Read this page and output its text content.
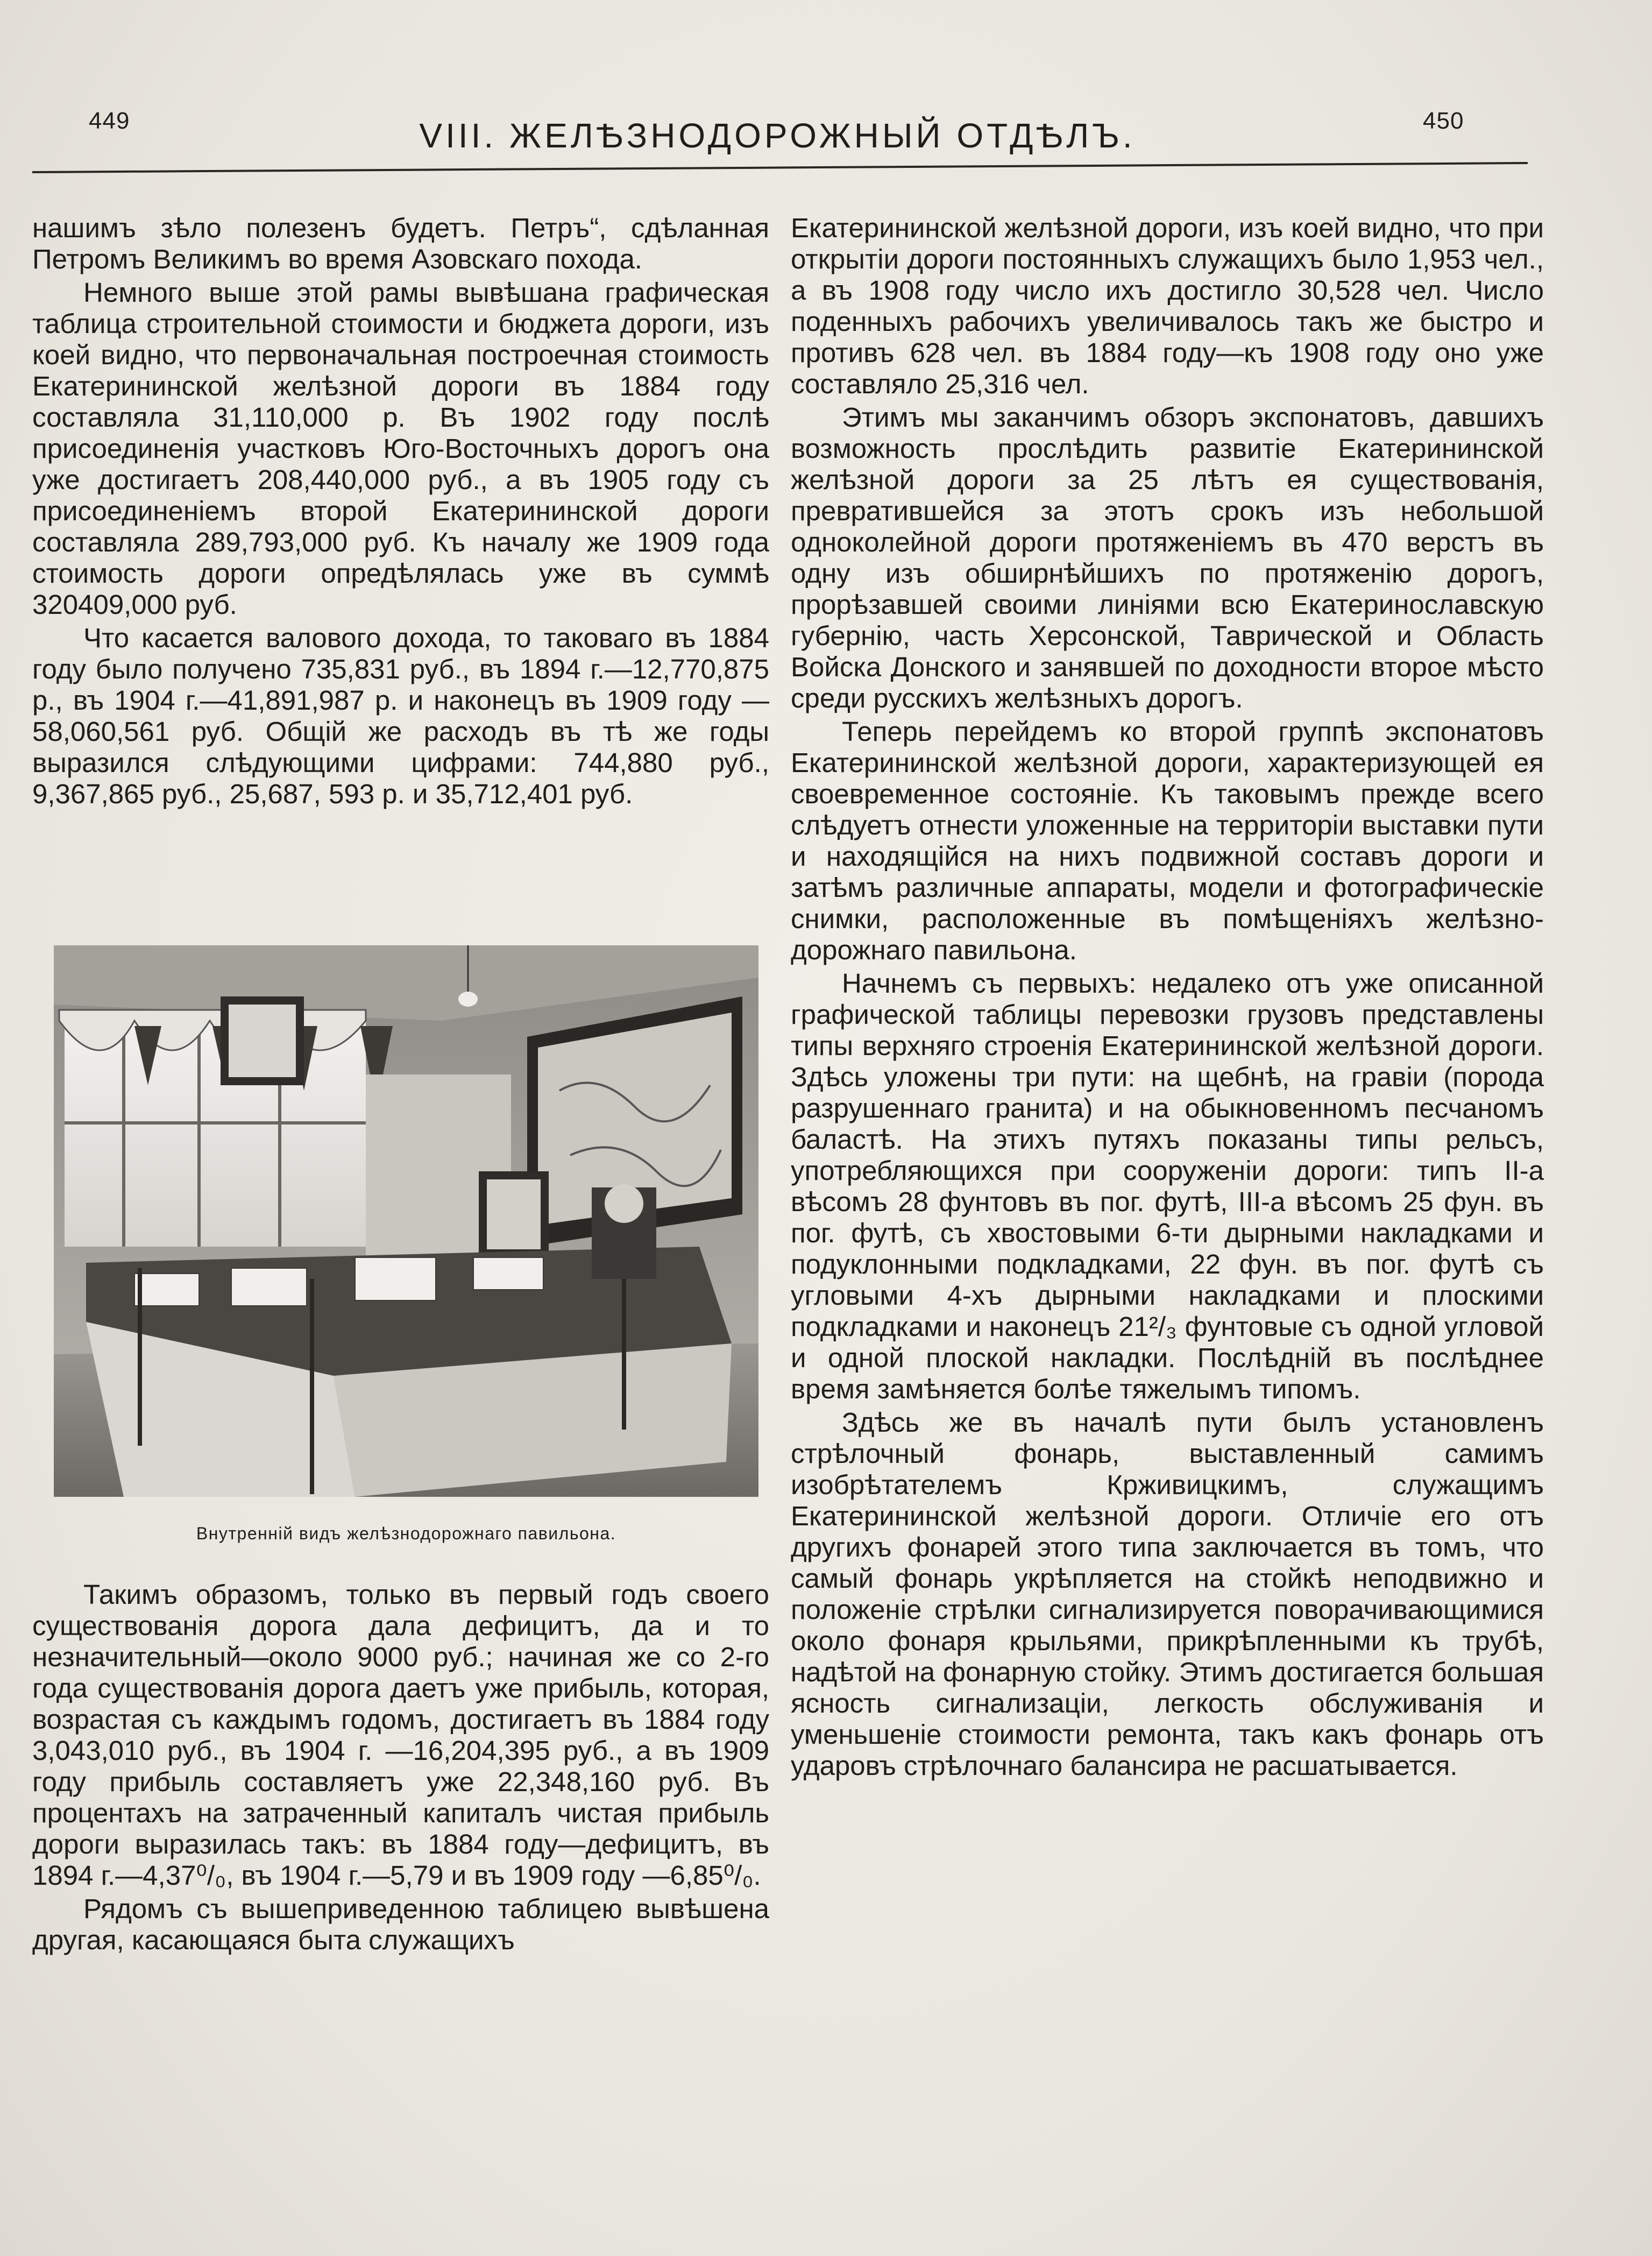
449	VIII. ЖЕЛѢЗНОДОРОЖНЫЙ ОТДѢЛЪ.	450

нашимъ зѣло полезенъ будетъ. Петръ“, сдѣланная Петромъ Великимъ во время Азовскаго похода.

Немного выше этой рамы вывѣшана графическая таблица строительной стоимости и бюджета дороги, изъ коей видно, что первоначальная построечная стоимость Екатерининской желѣзной дороги въ 1884 году составляла 31,110,000 р. Въ 1902 году послѣ присоединенія участковъ Юго-Восточныхъ дорогъ она уже достигаетъ 208,440,000 руб., а въ 1905 году съ присоединеніемъ второй Екатерининской дороги составляла 289,793,000 руб. Къ началу же 1909 года стоимость дороги опредѣлялась уже въ суммѣ 320409,000 руб.

Что касается валового дохода, то таковаго въ 1884 году было получено 735,831 руб., въ 1894 г.—12,770,875 р., въ 1904 г.—41,891,987 р. и наконецъ въ 1909 году — 58,060,561 руб. Общій же расходъ въ тѣ же годы выразился слѣдующими цифрами: 744,880 руб., 9,367,865 руб., 25,687, 593 р. и 35,712,401 руб.

Внутренній видъ желѣзнодорожнаго павильона.

Такимъ образомъ, только въ первый годъ своего существованія дорога дала дефицитъ, да и то незначительный—около 9000 руб.; начиная же со 2-го года существованія дорога даетъ уже прибыль, которая, возрастая съ каждымъ годомъ, достигаетъ въ 1884 году 3,043,010 руб., въ 1904 г. —16,204,395 руб., а въ 1909 году прибыль составляетъ уже 22,348,160 руб. Въ процентахъ на затраченный капиталъ чистая прибыль дороги выразилась такъ: въ 1884 году—дефицитъ, въ 1894 г.—4,37⁰/₀, въ 1904 г.—5,79 и въ 1909 году —6,85⁰/₀.

Рядомъ съ вышеприведенною таблицею вывѣшена другая, касающаяся быта служащихъ

Екатерининской желѣзной дороги, изъ коей видно, что при открытіи дороги постоянныхъ служащихъ было 1,953 чел., а въ 1908 году число ихъ достигло 30,528 чел. Число поденныхъ рабочихъ увеличивалось такъ же быстро и противъ 628 чел. въ 1884 году—къ 1908 году оно уже составляло 25,316 чел.

Этимъ мы заканчимъ обзоръ экспонатовъ, давшихъ возможность прослѣдить развитіе Екатерининской желѣзной дороги за 25 лѣтъ ея существованія, превратившейся за этотъ срокъ изъ небольшой одноколейной дороги протяженіемъ въ 470 верстъ въ одну изъ обширнѣйшихъ по протяженію дорогъ, прорѣзавшей своими линіями всю Екатеринославскую губернію, часть Херсонской, Таврической и Область Войска Донского и занявшей по доходности второе мѣсто среди русскихъ желѣзныхъ дорогъ.

Теперь перейдемъ ко второй группѣ экспонатовъ Екатерининской желѣзной дороги, характеризующей ея своевременное состояніе. Къ таковымъ прежде всего слѣдуетъ отнести уложенные на территоріи выставки пути и находящійся на нихъ подвижной составъ дороги и затѣмъ различные аппараты, модели и фотографическіе снимки, расположенные въ помѣщеніяхъ желѣзно-дорожнаго павильона.

Начнемъ съ первыхъ: недалеко отъ уже описанной графической таблицы перевозки грузовъ представлены типы верхняго строенія Екатерининской желѣзной дороги. Здѣсь уложены три пути: на щебнѣ, на гравіи (порода разрушеннаго гранита) и на обыкновенномъ песчаномъ баластѣ. На этихъ путяхъ показаны типы рельсъ, употребляющихся при сооруженіи дороги: типъ II-а вѣсомъ 28 фунтовъ въ пог. футѣ, III-а вѣсомъ 25 фун. въ пог. футѣ, съ хвостовыми 6-ти дырными накладками и подуклонными подкладками, 22 фун. въ пог. футѣ съ угловыми 4-хъ дырными накладками и плоскими подкладками и наконецъ 21²/₃ фунтовые съ одной угловой и одной плоской накладки. Послѣдній въ послѣднее время замѣняется болѣе тяжелымъ типомъ.

Здѣсь же въ началѣ пути былъ установленъ стрѣлочный фонарь, выставленный самимъ изобрѣтателемъ Крживицкимъ, служащимъ Екатерининской желѣзной дороги. Отличіе его отъ другихъ фонарей этого типа заключается въ томъ, что самый фонарь укрѣпляется на стойкѣ неподвижно и положеніе стрѣлки сигнализируется поворачивающимися около фонаря крыльями, прикрѣпленными къ трубѣ, надѣтой на фонарную стойку. Этимъ достигается большая ясность сигнализаціи, легкость обслуживанія и уменьшеніе стоимости ремонта, такъ какъ фонарь отъ ударовъ стрѣлочнаго балансира не расшатывается.
